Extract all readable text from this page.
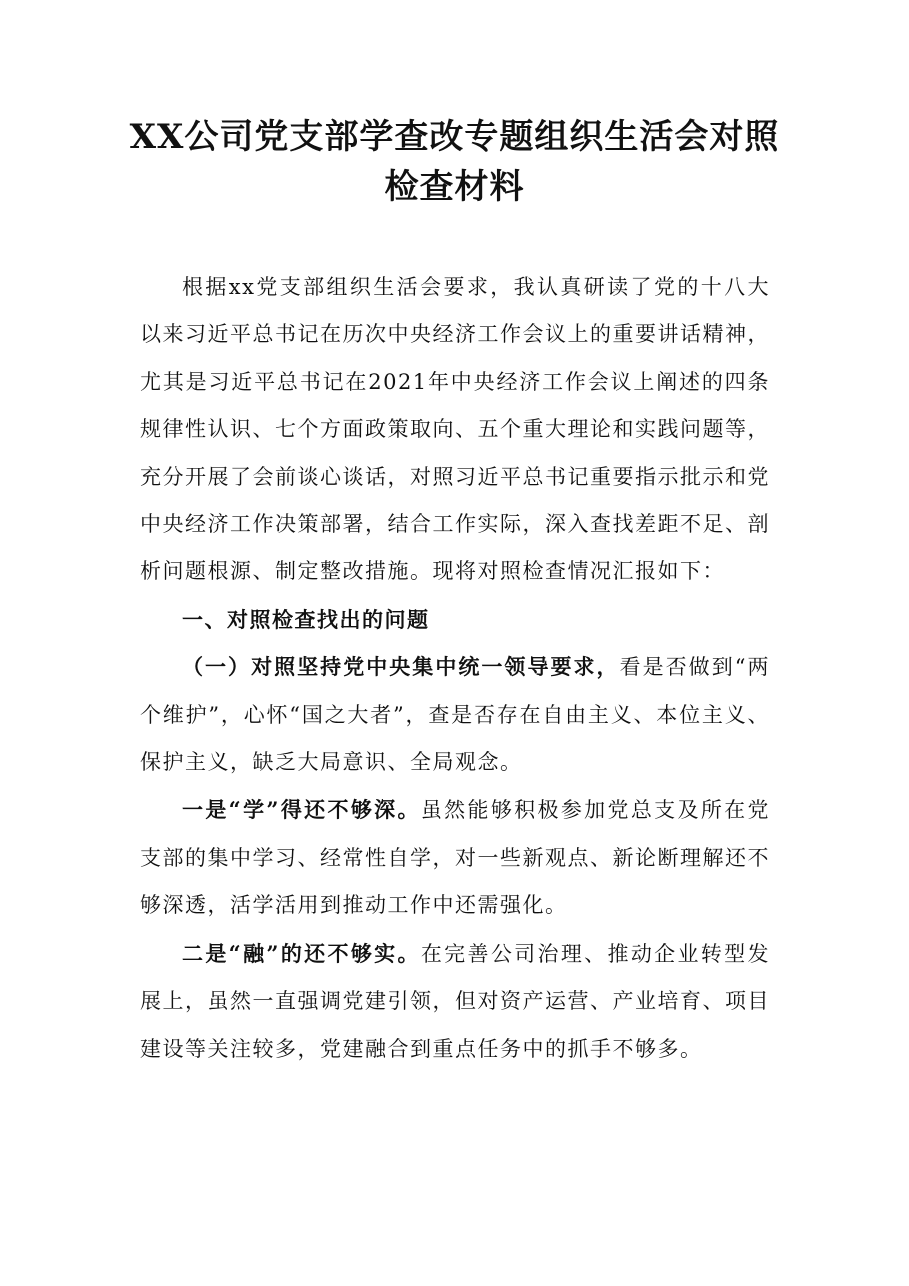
XX公司党支部学查改专题组织生活会对照
检查材料

根据xx党支部组织生活会要求，我认真研读了党的十八大以来习近平总书记在历次中央经济工作会议上的重要讲话精神，尤其是习近平总书记在2021年中央经济工作会议上阐述的四条规律性认识、七个方面政策取向、五个重大理论和实践问题等，充分开展了会前谈心谈话，对照习近平总书记重要指示批示和党中央经济工作决策部署，结合工作实际，深入查找差距不足、剖析问题根源、制定整改措施。现将对照检查情况汇报如下：

一、对照检查找出的问题

（一）对照坚持党中央集中统一领导要求，看是否做到“两个维护”，心怀“国之大者”，查是否存在自由主义、本位主义、保护主义，缺乏大局意识、全局观念。

一是“学”得还不够深。虽然能够积极参加党总支及所在党支部的集中学习、经常性自学，对一些新观点、新论断理解还不够深透，活学活用到推动工作中还需强化。

二是“融”的还不够实。在完善公司治理、推动企业转型发展上，虽然一直强调党建引领，但对资产运营、产业培育、项目建设等关注较多，党建融合到重点任务中的抓手不够多。
